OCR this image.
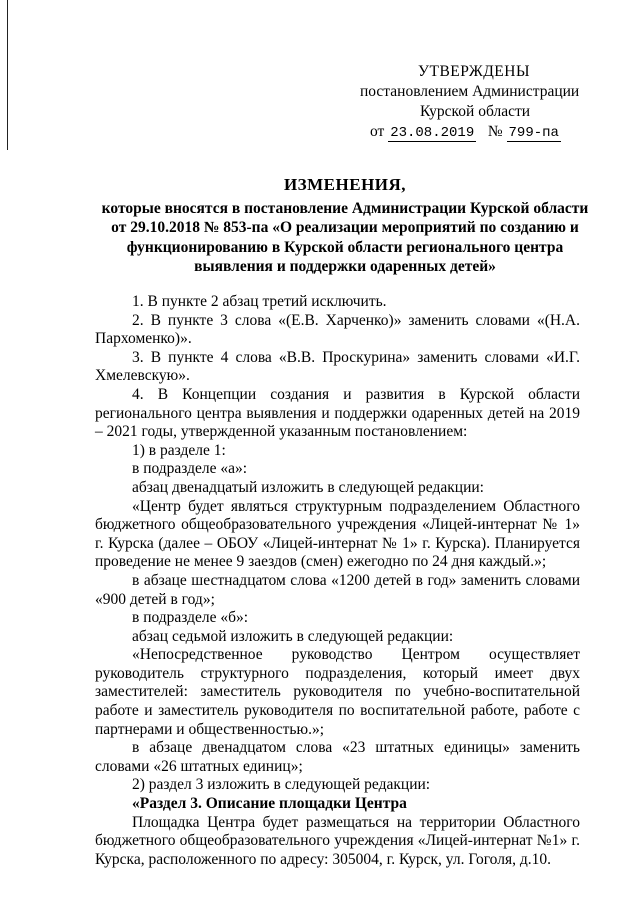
УТВЕРЖДЕНЫ
постановлением Администрации
Курской области
от 23.08.2019 № 799-па
ИЗМЕНЕНИЯ,
которые вносятся в постановление Администрации Курской области от 29.10.2018 № 853-па «О реализации мероприятий по созданию и функционированию в Курской области регионального центра выявления и поддержки одаренных детей»

1. В пункте 2 абзац третий исключить.

2. В пункте 3 слова «(Е.В. Харченко)» заменить словами «(Н.А. Пархоменко)».

3. В пункте 4 слова «В.В. Проскурина» заменить словами «И.Г. Хмелевскую».

4. В Концепции создания и развития в Курской области регионального центра выявления и поддержки одаренных детей на 2019 – 2021 годы, утвержденной указанным постановлением:

1) в разделе 1:

в подразделе «а»:

абзац двенадцатый изложить в следующей редакции:

«Центр будет являться структурным подразделением Областного бюджетного общеобразовательного учреждения «Лицей-интернат № 1» г. Курска (далее – ОБОУ «Лицей-интернат № 1» г. Курска). Планируется проведение не менее 9 заездов (смен) ежегодно по 24 дня каждый.»;

в абзаце шестнадцатом слова «1200 детей в год» заменить словами «900 детей в год»;

в подразделе «б»:

абзац седьмой изложить в следующей редакции:

«Непосредственное руководство Центром осуществляет руководитель структурного подразделения, который имеет двух заместителей: заместитель руководителя по учебно-воспитательной работе и заместитель руководителя по воспитательной работе, работе с партнерами и общественностью.»;

в абзаце двенадцатом слова «23 штатных единицы» заменить словами «26 штатных единиц»;

2) раздел 3 изложить в следующей редакции:

«Раздел 3. Описание площадки Центра

Площадка Центра будет размещаться на территории Областного бюджетного общеобразовательного учреждения «Лицей-интернат №1» г. Курска, расположенного по адресу: 305004, г. Курск, ул. Гоголя, д.10.
